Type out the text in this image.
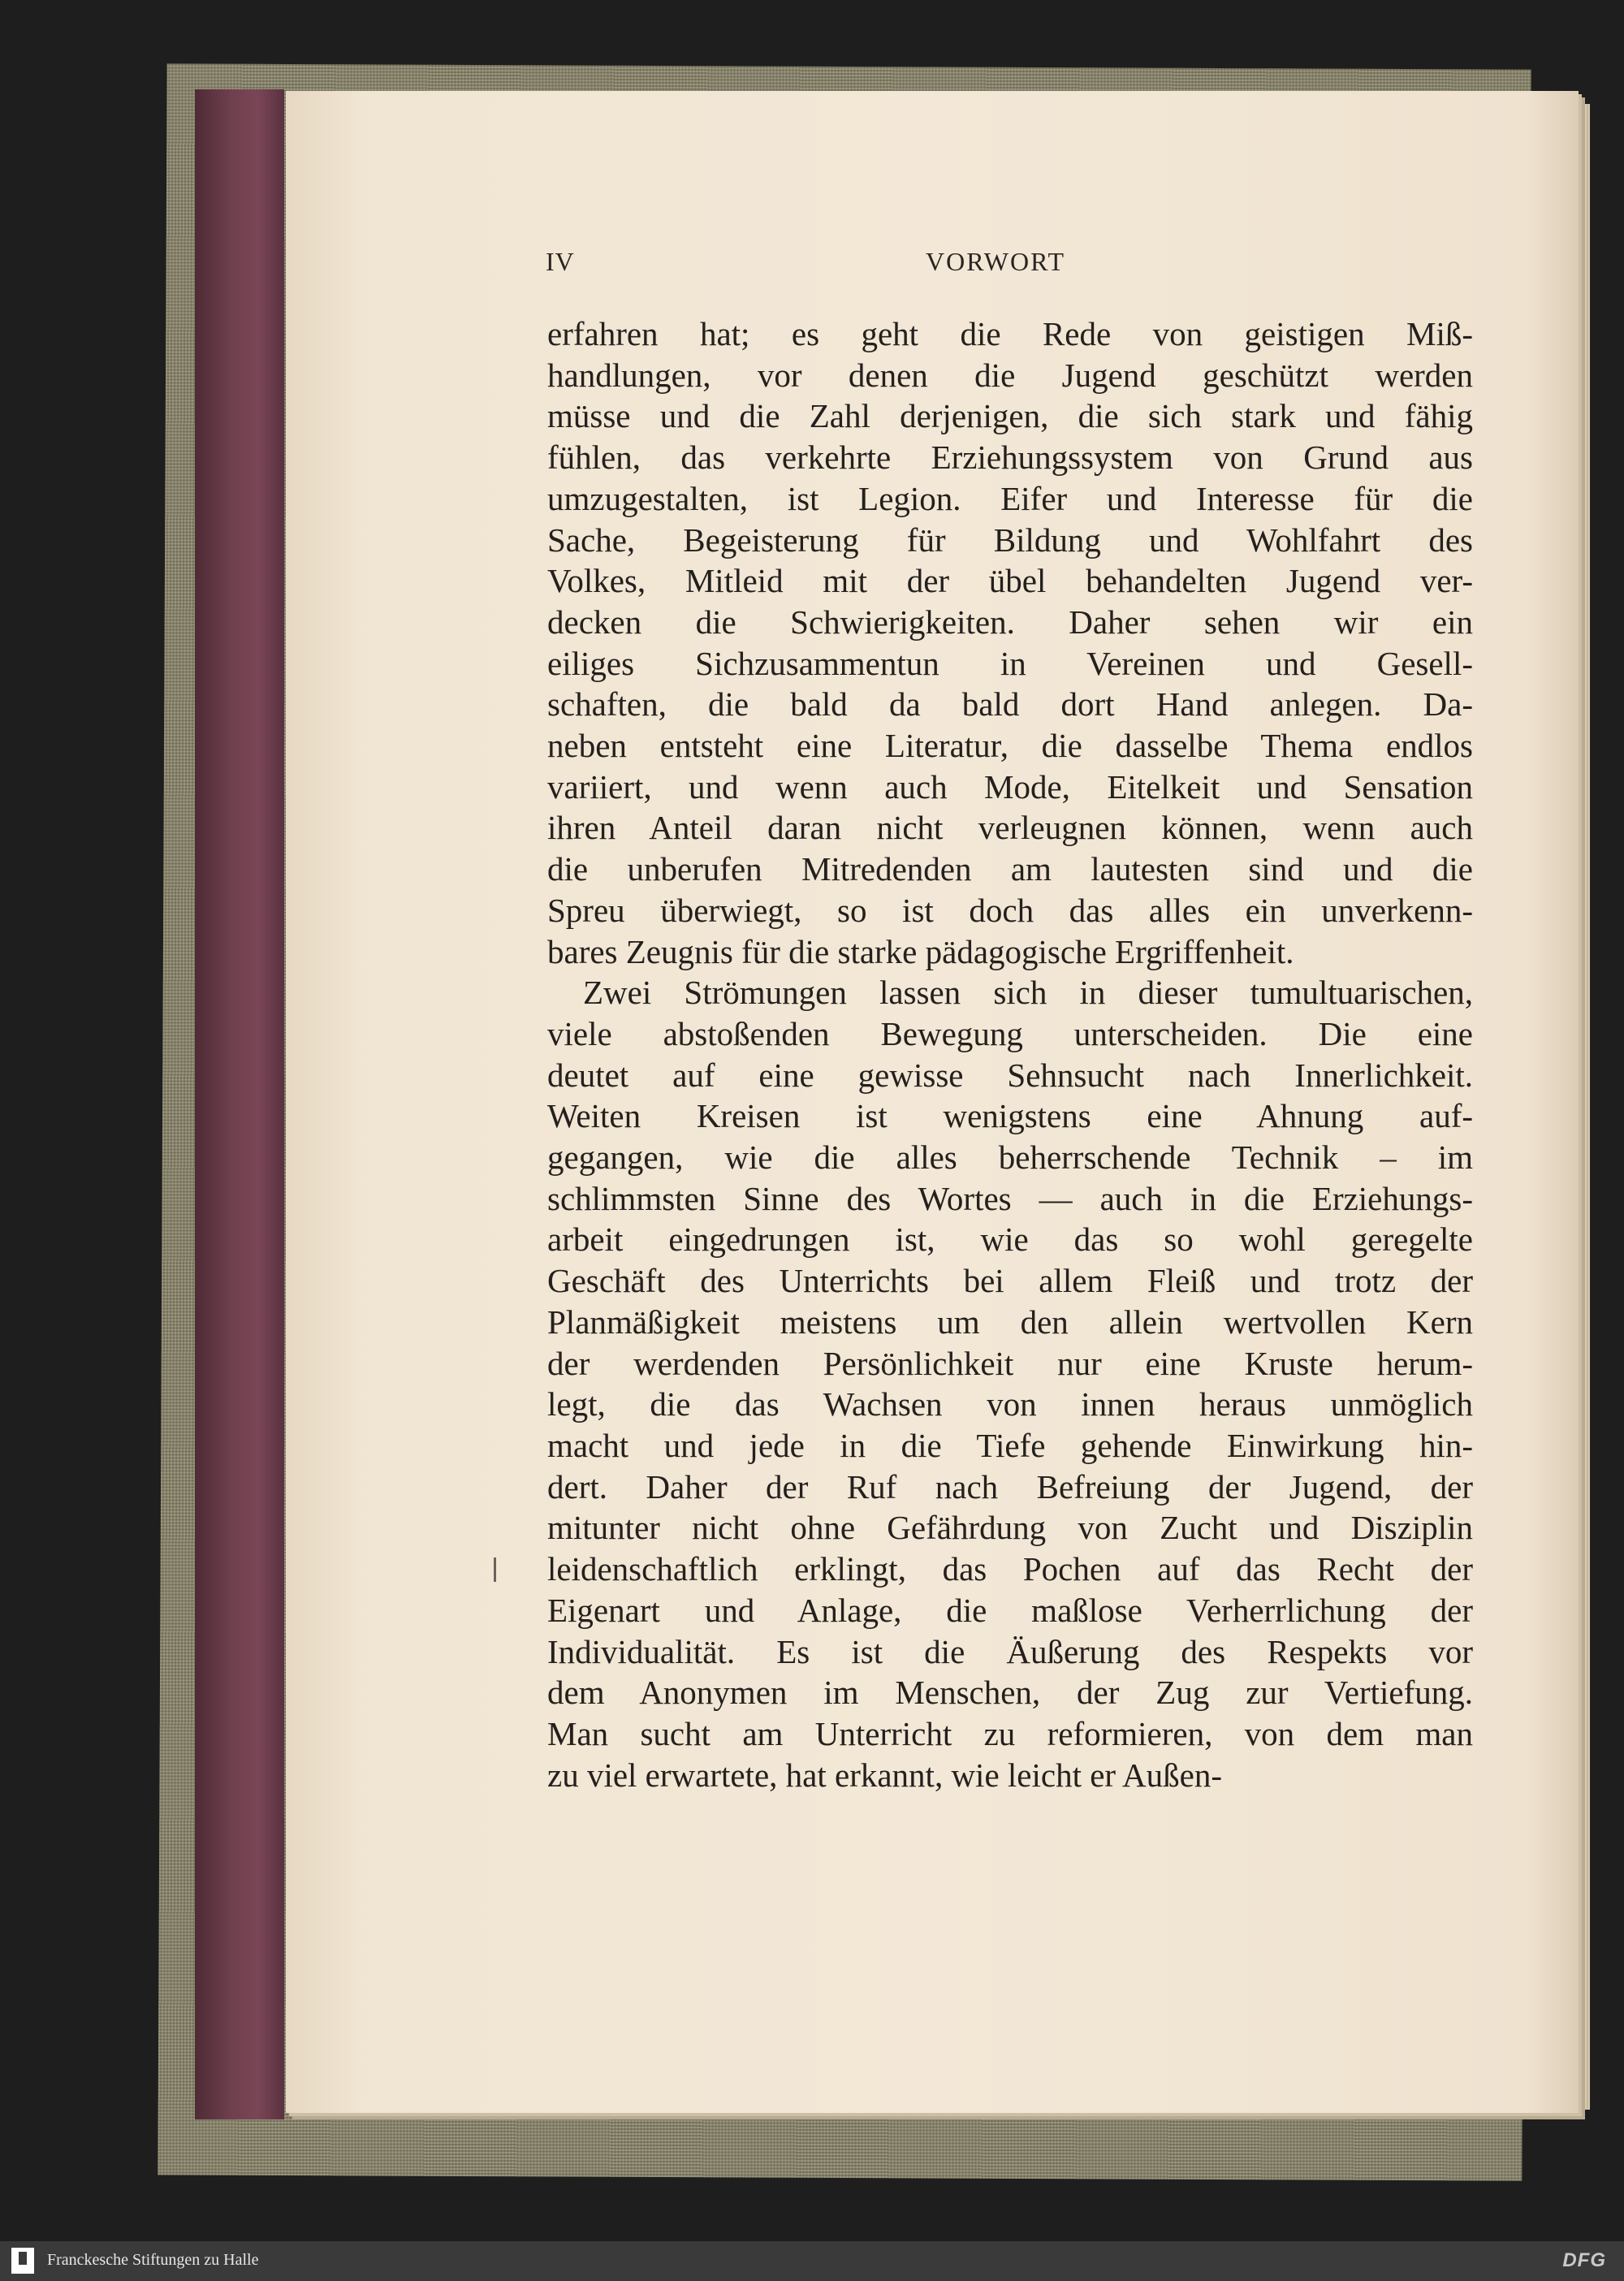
IV	VORWORT

erfahren hat; es geht die Rede von geistigen Miß-
handlungen, vor denen die Jugend geschützt werden
müsse und die Zahl derjenigen, die sich stark und fähig
fühlen, das verkehrte Erziehungssystem von Grund aus
umzugestalten, ist Legion. Eifer und Interesse für die
Sache, Begeisterung für Bildung und Wohlfahrt des
Volkes, Mitleid mit der übel behandelten Jugend ver-
decken die Schwierigkeiten. Daher sehen wir ein
eiliges Sichzusammentun in Vereinen und Gesell-
schaften, die bald da bald dort Hand anlegen. Da-
neben entsteht eine Literatur, die dasselbe Thema endlos
variiert, und wenn auch Mode, Eitelkeit und Sensation
ihren Anteil daran nicht verleugnen können, wenn auch
die unberufen Mitredenden am lautesten sind und die
Spreu überwiegt, so ist doch das alles ein unverkenn-
bares Zeugnis für die starke pädagogische Ergriffenheit.

Zwei Strömungen lassen sich in dieser tumultuarischen,
viele abstoßenden Bewegung unterscheiden. Die eine
deutet auf eine gewisse Sehnsucht nach Innerlichkeit.
Weiten Kreisen ist wenigstens eine Ahnung auf-
gegangen, wie die alles beherrschende Technik – im
schlimmsten Sinne des Wortes — auch in die Erziehungs-
arbeit eingedrungen ist, wie das so wohl geregelte
Geschäft des Unterrichts bei allem Fleiß und trotz der
Planmäßigkeit meistens um den allein wertvollen Kern
der werdenden Persönlichkeit nur eine Kruste herum-
legt, die das Wachsen von innen heraus unmöglich
macht und jede in die Tiefe gehende Einwirkung hin-
dert. Daher der Ruf nach Befreiung der Jugend, der
mitunter nicht ohne Gefährdung von Zucht und Disziplin
leidenschaftlich erklingt, das Pochen auf das Recht der
Eigenart und Anlage, die maßlose Verherrlichung der
Individualität. Es ist die Äußerung des Respekts vor
dem Anonymen im Menschen, der Zug zur Vertiefung.
Man sucht am Unterricht zu reformieren, von dem man
zu viel erwartete, hat erkannt, wie leicht er Außen-

Franckesche Stiftungen zu Halle	DFG
